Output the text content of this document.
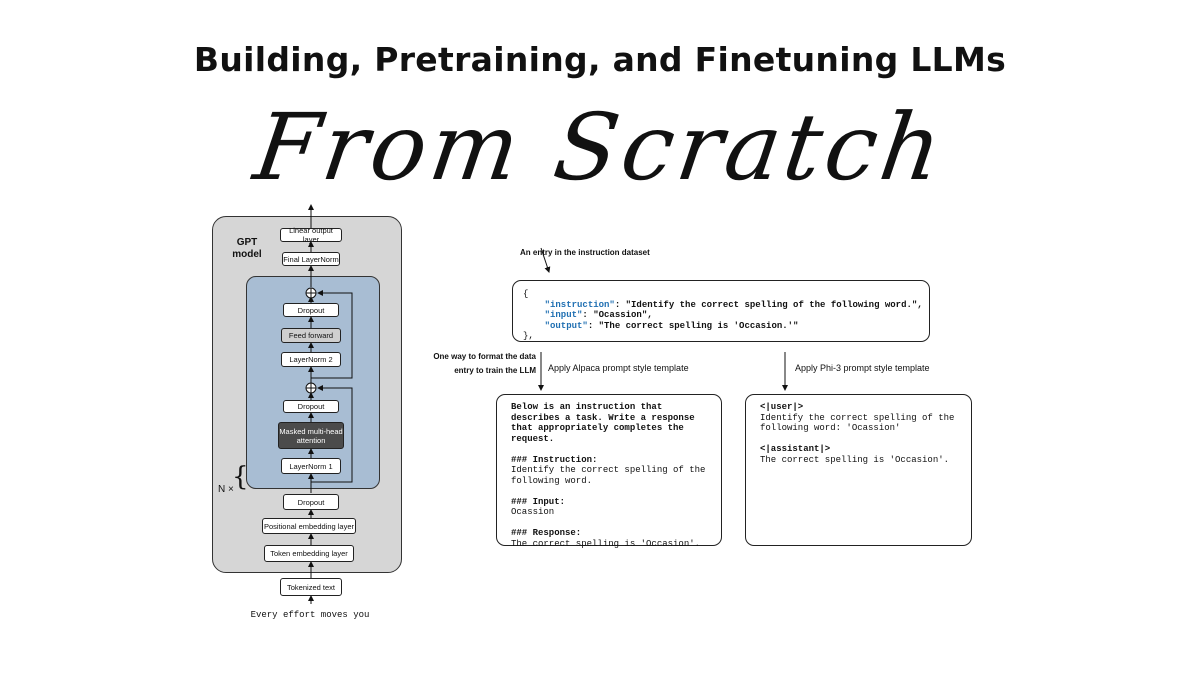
Building, Pretraining, and Finetuning LLMs
From Scratch
GPT model
Linear output layer
Final LayerNorm
Dropout
Feed forward
LayerNorm 2
Dropout
Masked multi-head attention
LayerNorm 1
Dropout
Positional embedding layer
Token embedding layer
Tokenized text
{
N ×
Every effort moves you
An entry in the instruction dataset
{
"instruction": "Identify the correct spelling of the following word.",
"input": "Ocassion",
"output": "The correct spelling is 'Occasion.'"
},
One way to format the data entry to train the LLM Apply Alpaca prompt style template	Apply Phi-3 prompt style template
Below is an instruction that
describes a task. Write a response
that appropriately completes the
request.

### Instruction:
Identify the correct spelling of the
following word.

### Input:
Ocassion

### Response:
The correct spelling is 'Occasion'.
<|user|>
Identify the correct spelling of the
following word: 'Ocassion'

<|assistant|>
The correct spelling is 'Occasion'.
